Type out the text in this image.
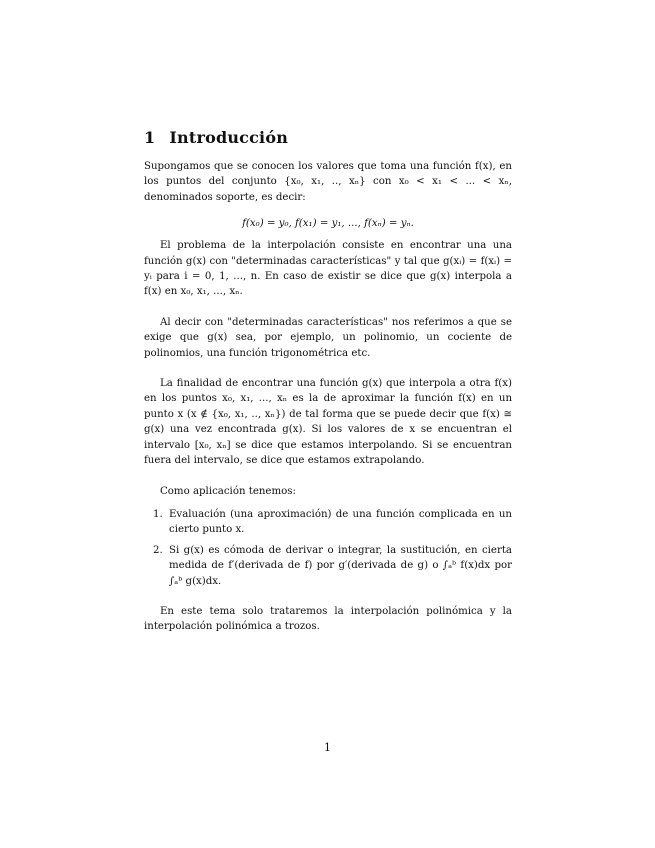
1 Introducción

Supongamos que se conocen los valores que toma una función f(x), en los puntos del conjunto {x₀, x₁, .., xₙ} con x₀ < x₁ < ... < xₙ, denominados soporte, es decir:

f(x₀) = y₀, f(x₁) = y₁, ..., f(xₙ) = yₙ.

El problema de la interpolación consiste en encontrar una una función g(x) con "determinadas características" y tal que g(xᵢ) = f(xᵢ) = yᵢ para i = 0, 1, ..., n. En caso de existir se dice que g(x) interpola a f(x) en x₀, x₁, ..., xₙ.

Al decir con "determinadas características" nos referimos a que se exige que g(x) sea, por ejemplo, un polinomio, un cociente de polinomios, una función trigonométrica etc.

La finalidad de encontrar una función g(x) que interpola a otra f(x) en los puntos x₀, x₁, ..., xₙ es la de aproximar la función f(x) en un punto x (x ∉ {x₀, x₁, .., xₙ}) de tal forma que se puede decir que f(x) ≅ g(x) una vez encontrada g(x). Si los valores de x se encuentran el intervalo [x₀, xₙ] se dice que estamos interpolando. Si se encuentran fuera del intervalo, se dice que estamos extrapolando.

Como aplicación tenemos:

1. Evaluación (una aproximación) de una función complicada en un cierto punto x.
2. Si g(x) es cómoda de derivar o integrar, la sustitución, en cierta medida de f′(derivada de f) por g′(derivada de g) o ∫ₐᵇ f(x)dx por ∫ₐᵇ g(x)dx.

En este tema solo trataremos la interpolación polinómica y la interpolación polinómica a trozos.

1
